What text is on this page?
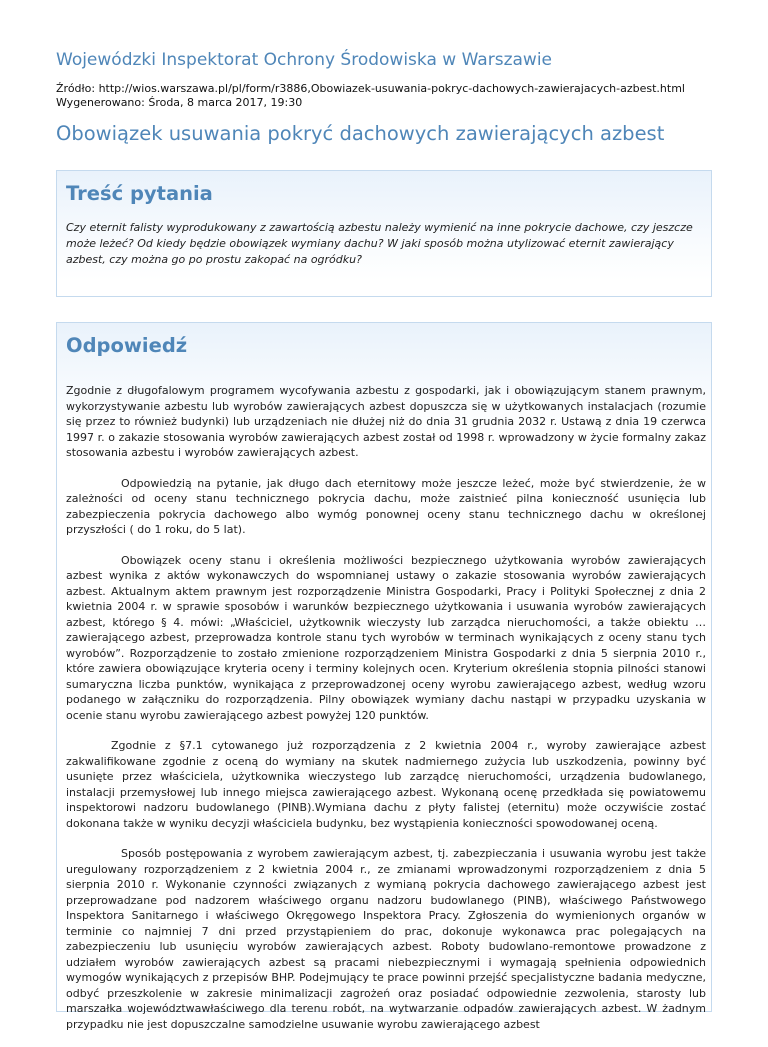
Wojewódzki Inspektorat Ochrony Środowiska w Warszawie
Źródło: http://wios.warszawa.pl/pl/form/r3886,Obowiazek-usuwania-pokryc-dachowych-zawierajacych-azbest.html
Wygenerowano: Środa, 8 marca 2017, 19:30
Obowiązek usuwania pokryć dachowych zawierających azbest
Treść pytania
Czy eternit falisty wyprodukowany z zawartością azbestu należy wymienić na inne pokrycie dachowe, czy jeszcze może leżeć? Od kiedy będzie obowiązek wymiany dachu? W jaki sposób można utylizować eternit zawierający azbest, czy można go po prostu zakopać na ogródku?
Odpowiedź

Zgodnie z długofalowym programem wycofywania azbestu z gospodarki, jak i obowiązującym stanem prawnym, wykorzystywanie azbestu lub wyrobów zawierających azbest dopuszcza się w użytkowanych instalacjach (rozumie się przez to również budynki) lub urządzeniach nie dłużej niż do dnia 31 grudnia 2032 r. Ustawą z dnia 19 czerwca 1997 r. o zakazie stosowania wyrobów zawierających azbest został od 1998 r. wprowadzony w życie formalny zakaz stosowania azbestu i wyrobów zawierających azbest.

Odpowiedzią na pytanie, jak długo dach eternitowy może jeszcze leżeć, może być stwierdzenie, że w zależności od oceny stanu technicznego pokrycia dachu, może zaistnieć pilna konieczność usunięcia lub zabezpieczenia pokrycia dachowego albo wymóg ponownej oceny stanu technicznego dachu w określonej przyszłości ( do 1 roku, do 5 lat).

Obowiązek oceny stanu i określenia możliwości bezpiecznego użytkowania wyrobów zawierających azbest wynika z aktów wykonawczych do wspomnianej ustawy o zakazie stosowania wyrobów zawierających azbest. Aktualnym aktem prawnym jest rozporządzenie Ministra Gospodarki, Pracy i Polityki Społecznej z dnia 2 kwietnia 2004 r. w sprawie sposobów i warunków bezpiecznego użytkowania i usuwania wyrobów zawierających azbest, którego § 4. mówi: „Właściciel, użytkownik wieczysty lub zarządca nieruchomości, a także obiektu … zawierającego azbest, przeprowadza kontrole stanu tych wyrobów w terminach wynikających z oceny stanu tych wyrobów”. Rozporządzenie to zostało zmienione rozporządzeniem Ministra Gospodarki z dnia 5 sierpnia 2010 r., które zawiera obowiązujące kryteria oceny i terminy kolejnych ocen. Kryterium określenia stopnia pilności stanowi sumaryczna liczba punktów, wynikająca z przeprowadzonej oceny wyrobu zawierającego azbest, według wzoru podanego w załączniku do rozporządzenia. Pilny obowiązek wymiany dachu nastąpi w przypadku uzyskania w ocenie stanu wyrobu zawierającego azbest powyżej 120 punktów.

Zgodnie z §7.1 cytowanego już rozporządzenia z 2 kwietnia 2004 r., wyroby zawierające azbest zakwalifikowane zgodnie z oceną do wymiany na skutek nadmiernego zużycia lub uszkodzenia, powinny być usunięte przez właściciela, użytkownika wieczystego lub zarządcę nieruchomości, urządzenia budowlanego, instalacji przemysłowej lub innego miejsca zawierającego azbest. Wykonaną ocenę przedkłada się powiatowemu inspektorowi nadzoru budowlanego (PINB).Wymiana dachu z płyty falistej (eternitu) może oczywiście zostać dokonana także w wyniku decyzji właściciela budynku, bez wystąpienia konieczności spowodowanej oceną.

Sposób postępowania z wyrobem zawierającym azbest, tj. zabezpieczania i usuwania wyrobu jest także uregulowany rozporządzeniem z 2 kwietnia 2004 r., ze zmianami wprowadzonymi rozporządzeniem z dnia 5 sierpnia 2010 r. Wykonanie czynności związanych z wymianą pokrycia dachowego zawierającego azbest jest przeprowadzane pod nadzorem właściwego organu nadzoru budowlanego (PINB), właściwego Państwowego Inspektora Sanitarnego i właściwego Okręgowego Inspektora Pracy. Zgłoszenia do wymienionych organów w terminie co najmniej 7 dni przed przystąpieniem do prac, dokonuje wykonawca prac polegających na zabezpieczeniu lub usunięciu wyrobów zawierających azbest. Roboty budowlano-remontowe prowadzone z udziałem wyrobów zawierających azbest są pracami niebezpiecznymi i wymagają spełnienia odpowiednich wymogów wynikających z przepisów BHP. Podejmujący te prace powinni przejść specjalistyczne badania medyczne, odbyć przeszkolenie w zakresie minimalizacji zagrożeń oraz posiadać odpowiednie zezwolenia, starosty lub marszałka województwawłaściwego dla terenu robót, na wytwarzanie odpadów zawierających azbest. W żadnym przypadku nie jest dopuszczalne samodzielne usuwanie wyrobu zawierającego azbest
